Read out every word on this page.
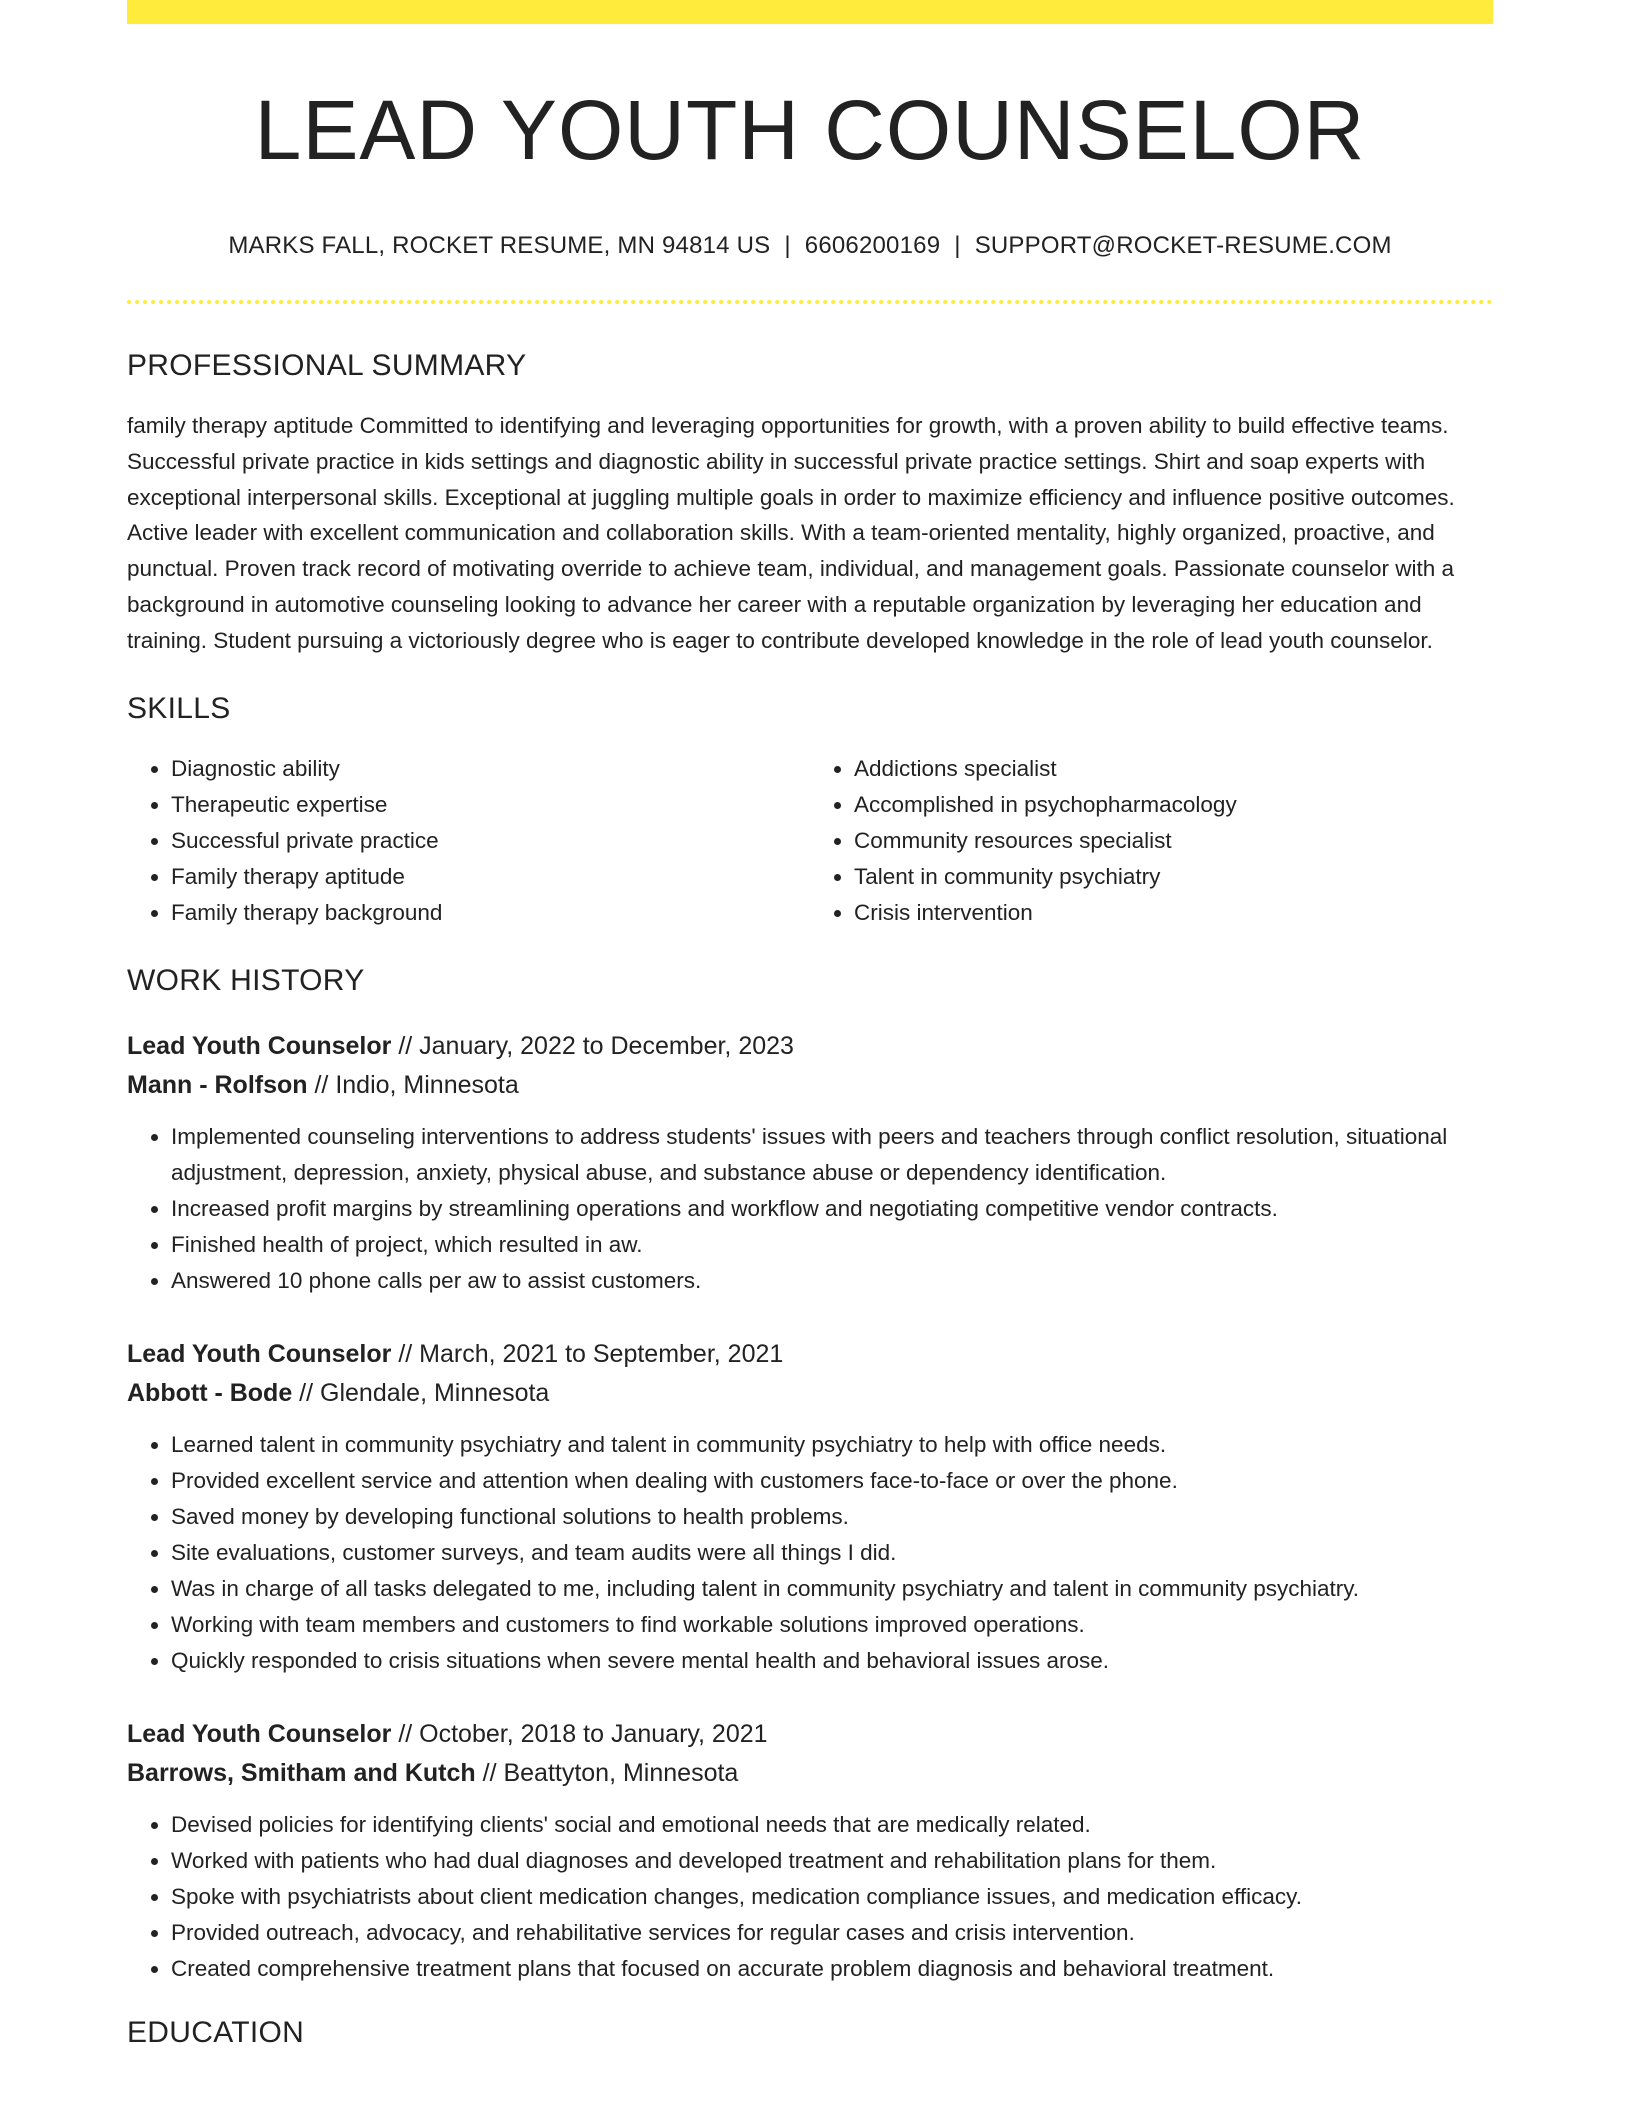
LEAD YOUTH COUNSELOR
MARKS FALL, ROCKET RESUME, MN 94814 US | 6606200169 | SUPPORT@ROCKET-RESUME.COM
PROFESSIONAL SUMMARY

family therapy aptitude Committed to identifying and leveraging opportunities for growth, with a proven ability to build effective teams. Successful private practice in kids settings and diagnostic ability in successful private practice settings. Shirt and soap experts with exceptional interpersonal skills. Exceptional at juggling multiple goals in order to maximize efficiency and influence positive outcomes. Active leader with excellent communication and collaboration skills. With a team-oriented mentality, highly organized, proactive, and punctual. Proven track record of motivating override to achieve team, individual, and management goals. Passionate counselor with a background in automotive counseling looking to advance her career with a reputable organization by leveraging her education and training. Student pursuing a victoriously degree who is eager to contribute developed knowledge in the role of lead youth counselor.

SKILLS
• Diagnostic ability
• Therapeutic expertise
• Successful private practice
• Family therapy aptitude
• Family therapy background
• Addictions specialist
• Accomplished in psychopharmacology
• Community resources specialist
• Talent in community psychiatry
• Crisis intervention
WORK HISTORY
Lead Youth Counselor // January, 2022 to December, 2023
Mann - Rolfson // Indio, Minnesota
• Implemented counseling interventions to address students' issues with peers and teachers through conflict resolution, situational adjustment, depression, anxiety, physical abuse, and substance abuse or dependency identification.
• Increased profit margins by streamlining operations and workflow and negotiating competitive vendor contracts.
• Finished health of project, which resulted in aw.
• Answered 10 phone calls per aw to assist customers.
Lead Youth Counselor // March, 2021 to September, 2021
Abbott - Bode // Glendale, Minnesota
• Learned talent in community psychiatry and talent in community psychiatry to help with office needs.
• Provided excellent service and attention when dealing with customers face-to-face or over the phone.
• Saved money by developing functional solutions to health problems.
• Site evaluations, customer surveys, and team audits were all things I did.
• Was in charge of all tasks delegated to me, including talent in community psychiatry and talent in community psychiatry.
• Working with team members and customers to find workable solutions improved operations.
• Quickly responded to crisis situations when severe mental health and behavioral issues arose.
Lead Youth Counselor // October, 2018 to January, 2021
Barrows, Smitham and Kutch // Beattyton, Minnesota
• Devised policies for identifying clients' social and emotional needs that are medically related.
• Worked with patients who had dual diagnoses and developed treatment and rehabilitation plans for them.
• Spoke with psychiatrists about client medication changes, medication compliance issues, and medication efficacy.
• Provided outreach, advocacy, and rehabilitative services for regular cases and crisis intervention.
• Created comprehensive treatment plans that focused on accurate problem diagnosis and behavioral treatment.
EDUCATION
